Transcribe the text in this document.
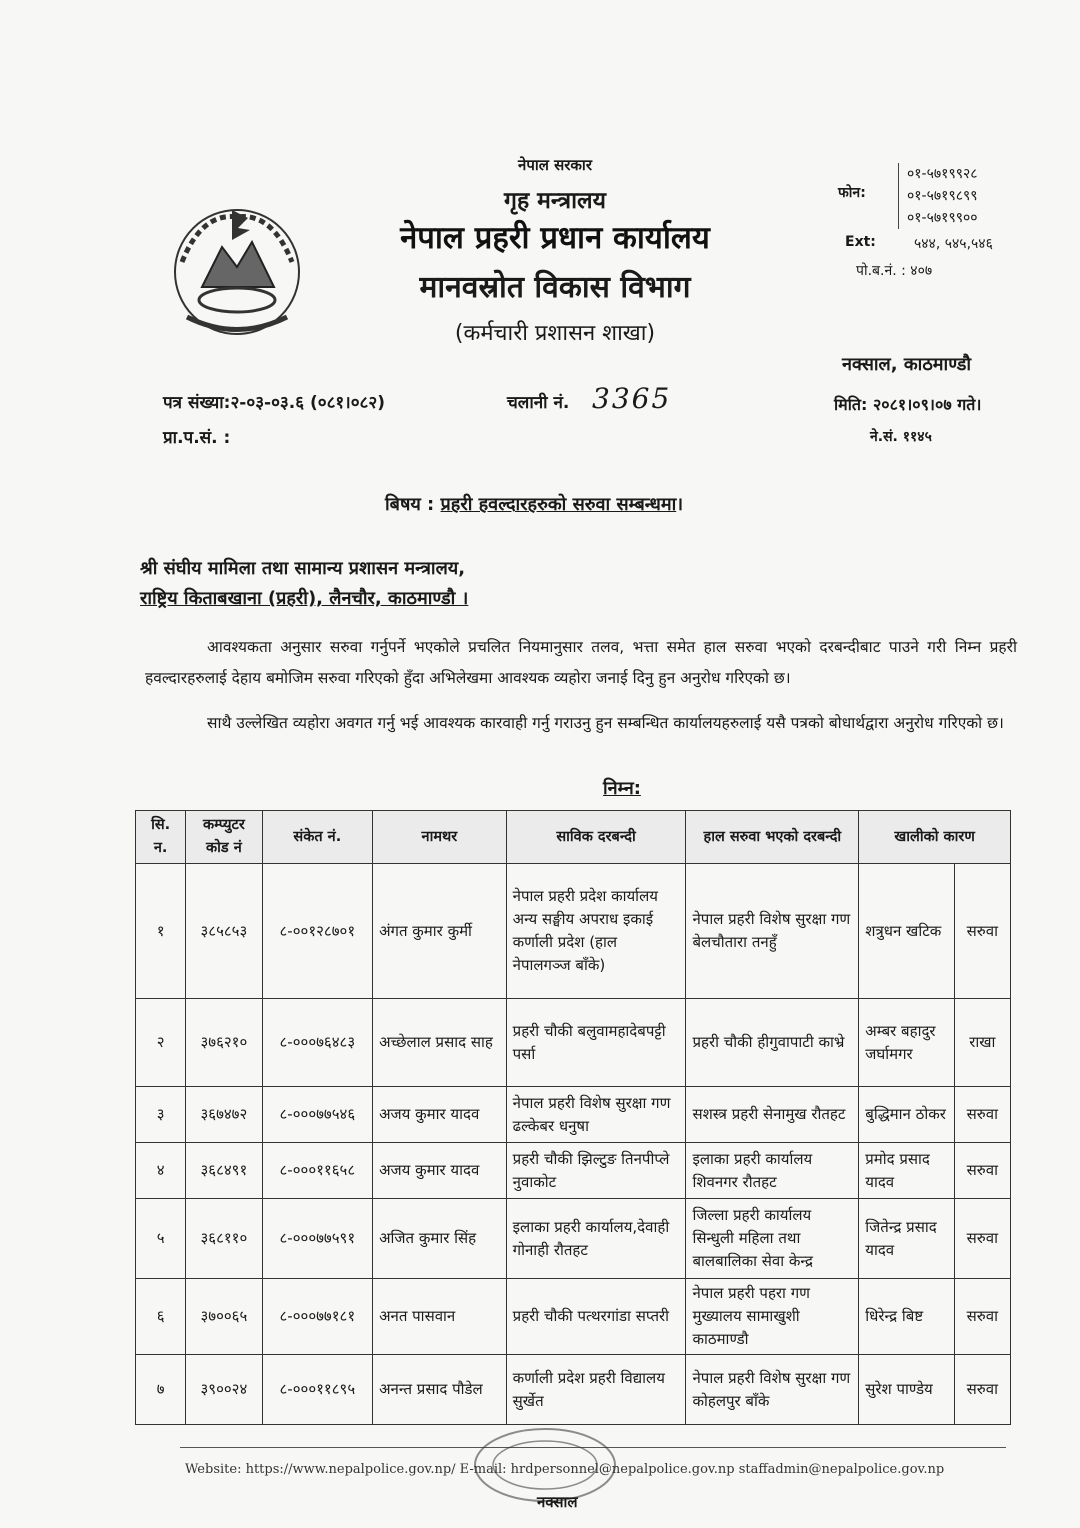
नेपाल सरकार
गृह मन्त्रालय
नेपाल प्रहरी प्रधान कार्यालय
मानवस्रोत विकास विभाग
(कर्मचारी प्रशासन शाखा)
फोन:
०१-५७१९९२८
०१-५७१९८९९
०१-५७१९९००
Ext:	५४४, ५४५,५४६
पो.ब.नं. : ४०७
नक्साल, काठमाण्डौ
पत्र संख्या:२-०३-०३.६ (०८१।०८२)	चलानी नं. 3365	मिति: २०८१।०९।०७ गते।
प्रा.प.सं. :	ने.सं. ११४५
बिषय : प्रहरी हवल्दारहरुको सरुवा सम्बन्धमा।
श्री संघीय मामिला तथा सामान्य प्रशासन मन्त्रालय,
राष्ट्रिय किताबखाना (प्रहरी), लैनचौर, काठमाण्डौ ।
आवश्यकता अनुसार सरुवा गर्नुपर्ने भएकोले प्रचलित नियमानुसार तलव, भत्ता समेत हाल सरुवा भएको दरबन्दीबाट पाउने गरी निम्न प्रहरी हवल्दारहरुलाई देहाय बमोजिम सरुवा गरिएको हुँदा अभिलेखमा आवश्यक व्यहोरा जनाई दिनु हुन अनुरोध गरिएको छ।
साथै उल्लेखित व्यहोरा अवगत गर्नु भई आवश्यक कारवाही गर्नु गराउनु हुन सम्बन्धित कार्यालयहरुलाई यसै पत्रको बोधार्थद्वारा अनुरोध गरिएको छ।
निम्न:
सि. न.	कम्प्युटर कोड नं	संकेत नं.	नामथर	साविक दरबन्दी	हाल सरुवा भएको दरबन्दी	खालीको कारण	
१	३८५८५३	८-००१२८७०१	अंगत कुमार कुर्मी	नेपाल प्रहरी प्रदेश कार्यालय अन्य सङ्घीय अपराध इकाई कर्णाली प्रदेश (हाल नेपालगञ्ज बाँके)	नेपाल प्रहरी विशेष सुरक्षा गण बेलचौतारा तनहुँ	शत्रुधन खटिक	सरुवा
२	३७६२१०	८-०००७६४८३	अच्छेलाल प्रसाद साह	प्रहरी चौकी बलुवामहादेबपट्टी पर्सा	प्रहरी चौकी हीगुवापाटी काभ्रे	अम्बर बहादुर जर्घामगर	राखा
३	३६७४७२	८-०००७७५४६	अजय कुमार यादव	नेपाल प्रहरी विशेष सुरक्षा गण ढल्केबर धनुषा	सशस्त्र प्रहरी सेनामुख रौतहट	बुद्धिमान ठोकर	सरुवा
४	३६८४९१	८-०००११६५८	अजय कुमार यादव	प्रहरी चौकी झिल्टुङ तिनपीप्ले नुवाकोट	इलाका प्रहरी कार्यालय शिवनगर रौतहट	प्रमोद प्रसाद यादव	सरुवा
५	३६८११०	८-०००७७५९१	अजित कुमार सिंह	इलाका प्रहरी कार्यालय,देवाही गोनाही रौतहट	जिल्ला प्रहरी कार्यालय सिन्धुली महिला तथा बालबालिका सेवा केन्द्र	जितेन्द्र प्रसाद यादव	सरुवा
६	३७००६५	८-०००७७१८१	अनत पासवान	प्रहरी चौकी पत्थरगांडा सप्तरी	नेपाल प्रहरी पहरा गण मुख्यालय सामाखुशी काठमाण्डौ	धिरेन्द्र बिष्ट	सरुवा
७	३९००२४	८-०००११८९५	अनन्त प्रसाद पौडेल	कर्णाली प्रदेश प्रहरी विद्यालय सुर्खेत	नेपाल प्रहरी विशेष सुरक्षा गण कोहलपुर बाँके	सुरेश पाण्डेय	सरुवा
Website: https://www.nepalpolice.gov.np/ E-mail: hrdpersonnel@nepalpolice.gov.np staffadmin@nepalpolice.gov.np
नक्साल
